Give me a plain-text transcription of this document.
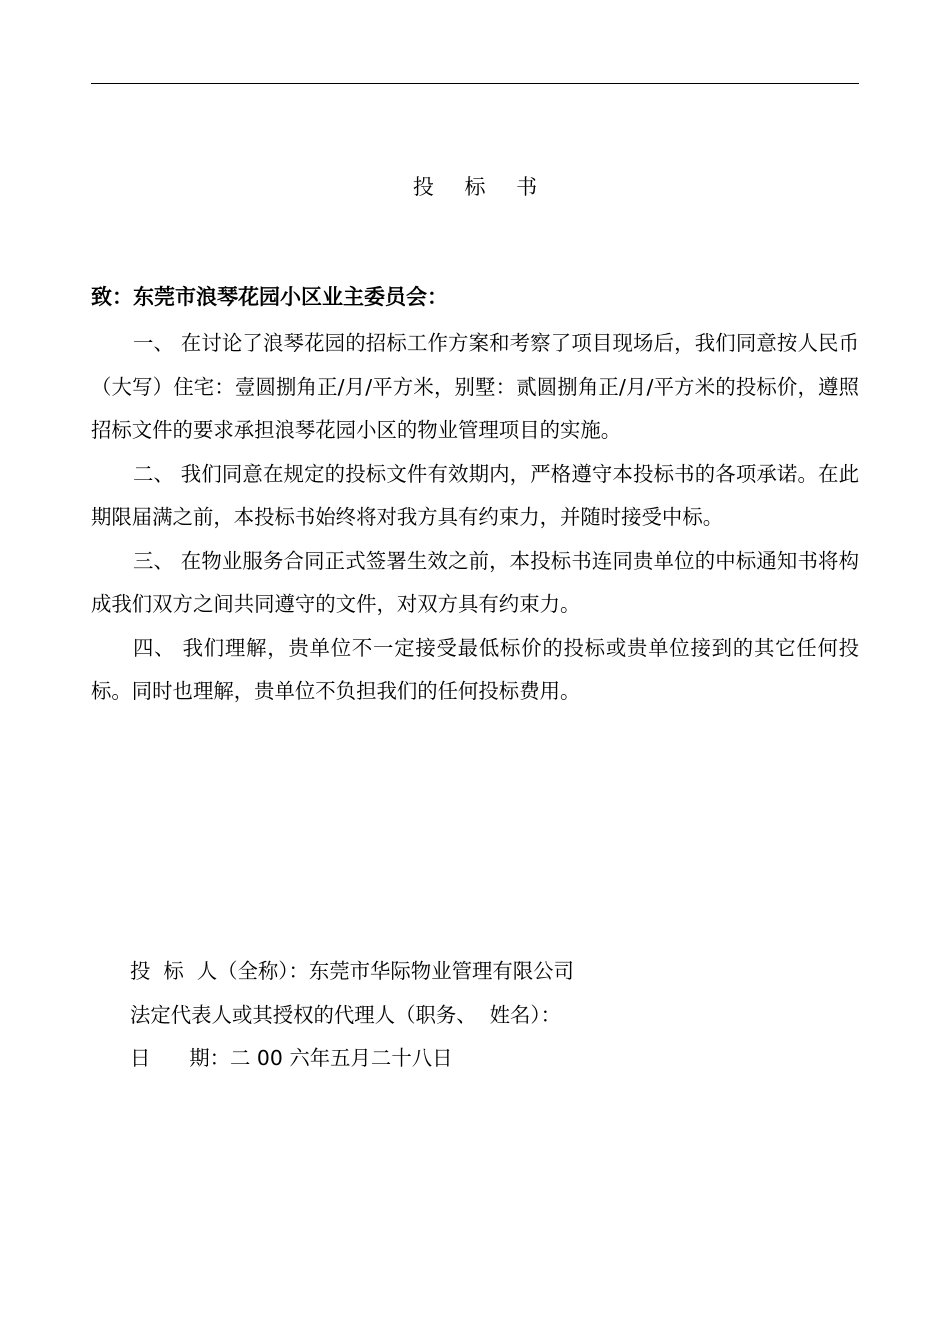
投 标 书
致：东莞市浪琴花园小区业主委员会：

一、 在讨论了浪琴花园的招标工作方案和考察了项目现场后，我们同意按人民币（大写）住宅：壹圆捌角正/月/平方米，别墅：贰圆捌角正/月/平方米的投标价，遵照招标文件的要求承担浪琴花园小区的物业管理项目的实施。

二、 我们同意在规定的投标文件有效期内，严格遵守本投标书的各项承诺。在此期限届满之前，本投标书始终将对我方具有约束力，并随时接受中标。

三、 在物业服务合同正式签署生效之前，本投标书连同贵单位的中标通知书将构成我们双方之间共同遵守的文件，对双方具有约束力。

四、 我们理解，贵单位不一定接受最低标价的投标或贵单位接到的其它任何投标。同时也理解，贵单位不负担我们的任何投标费用。

投  标  人（全称）：东莞市华际物业管理有限公司
法定代表人或其授权的代理人（职务、  姓名）：
日      期：二 00 六年五月二十八日
